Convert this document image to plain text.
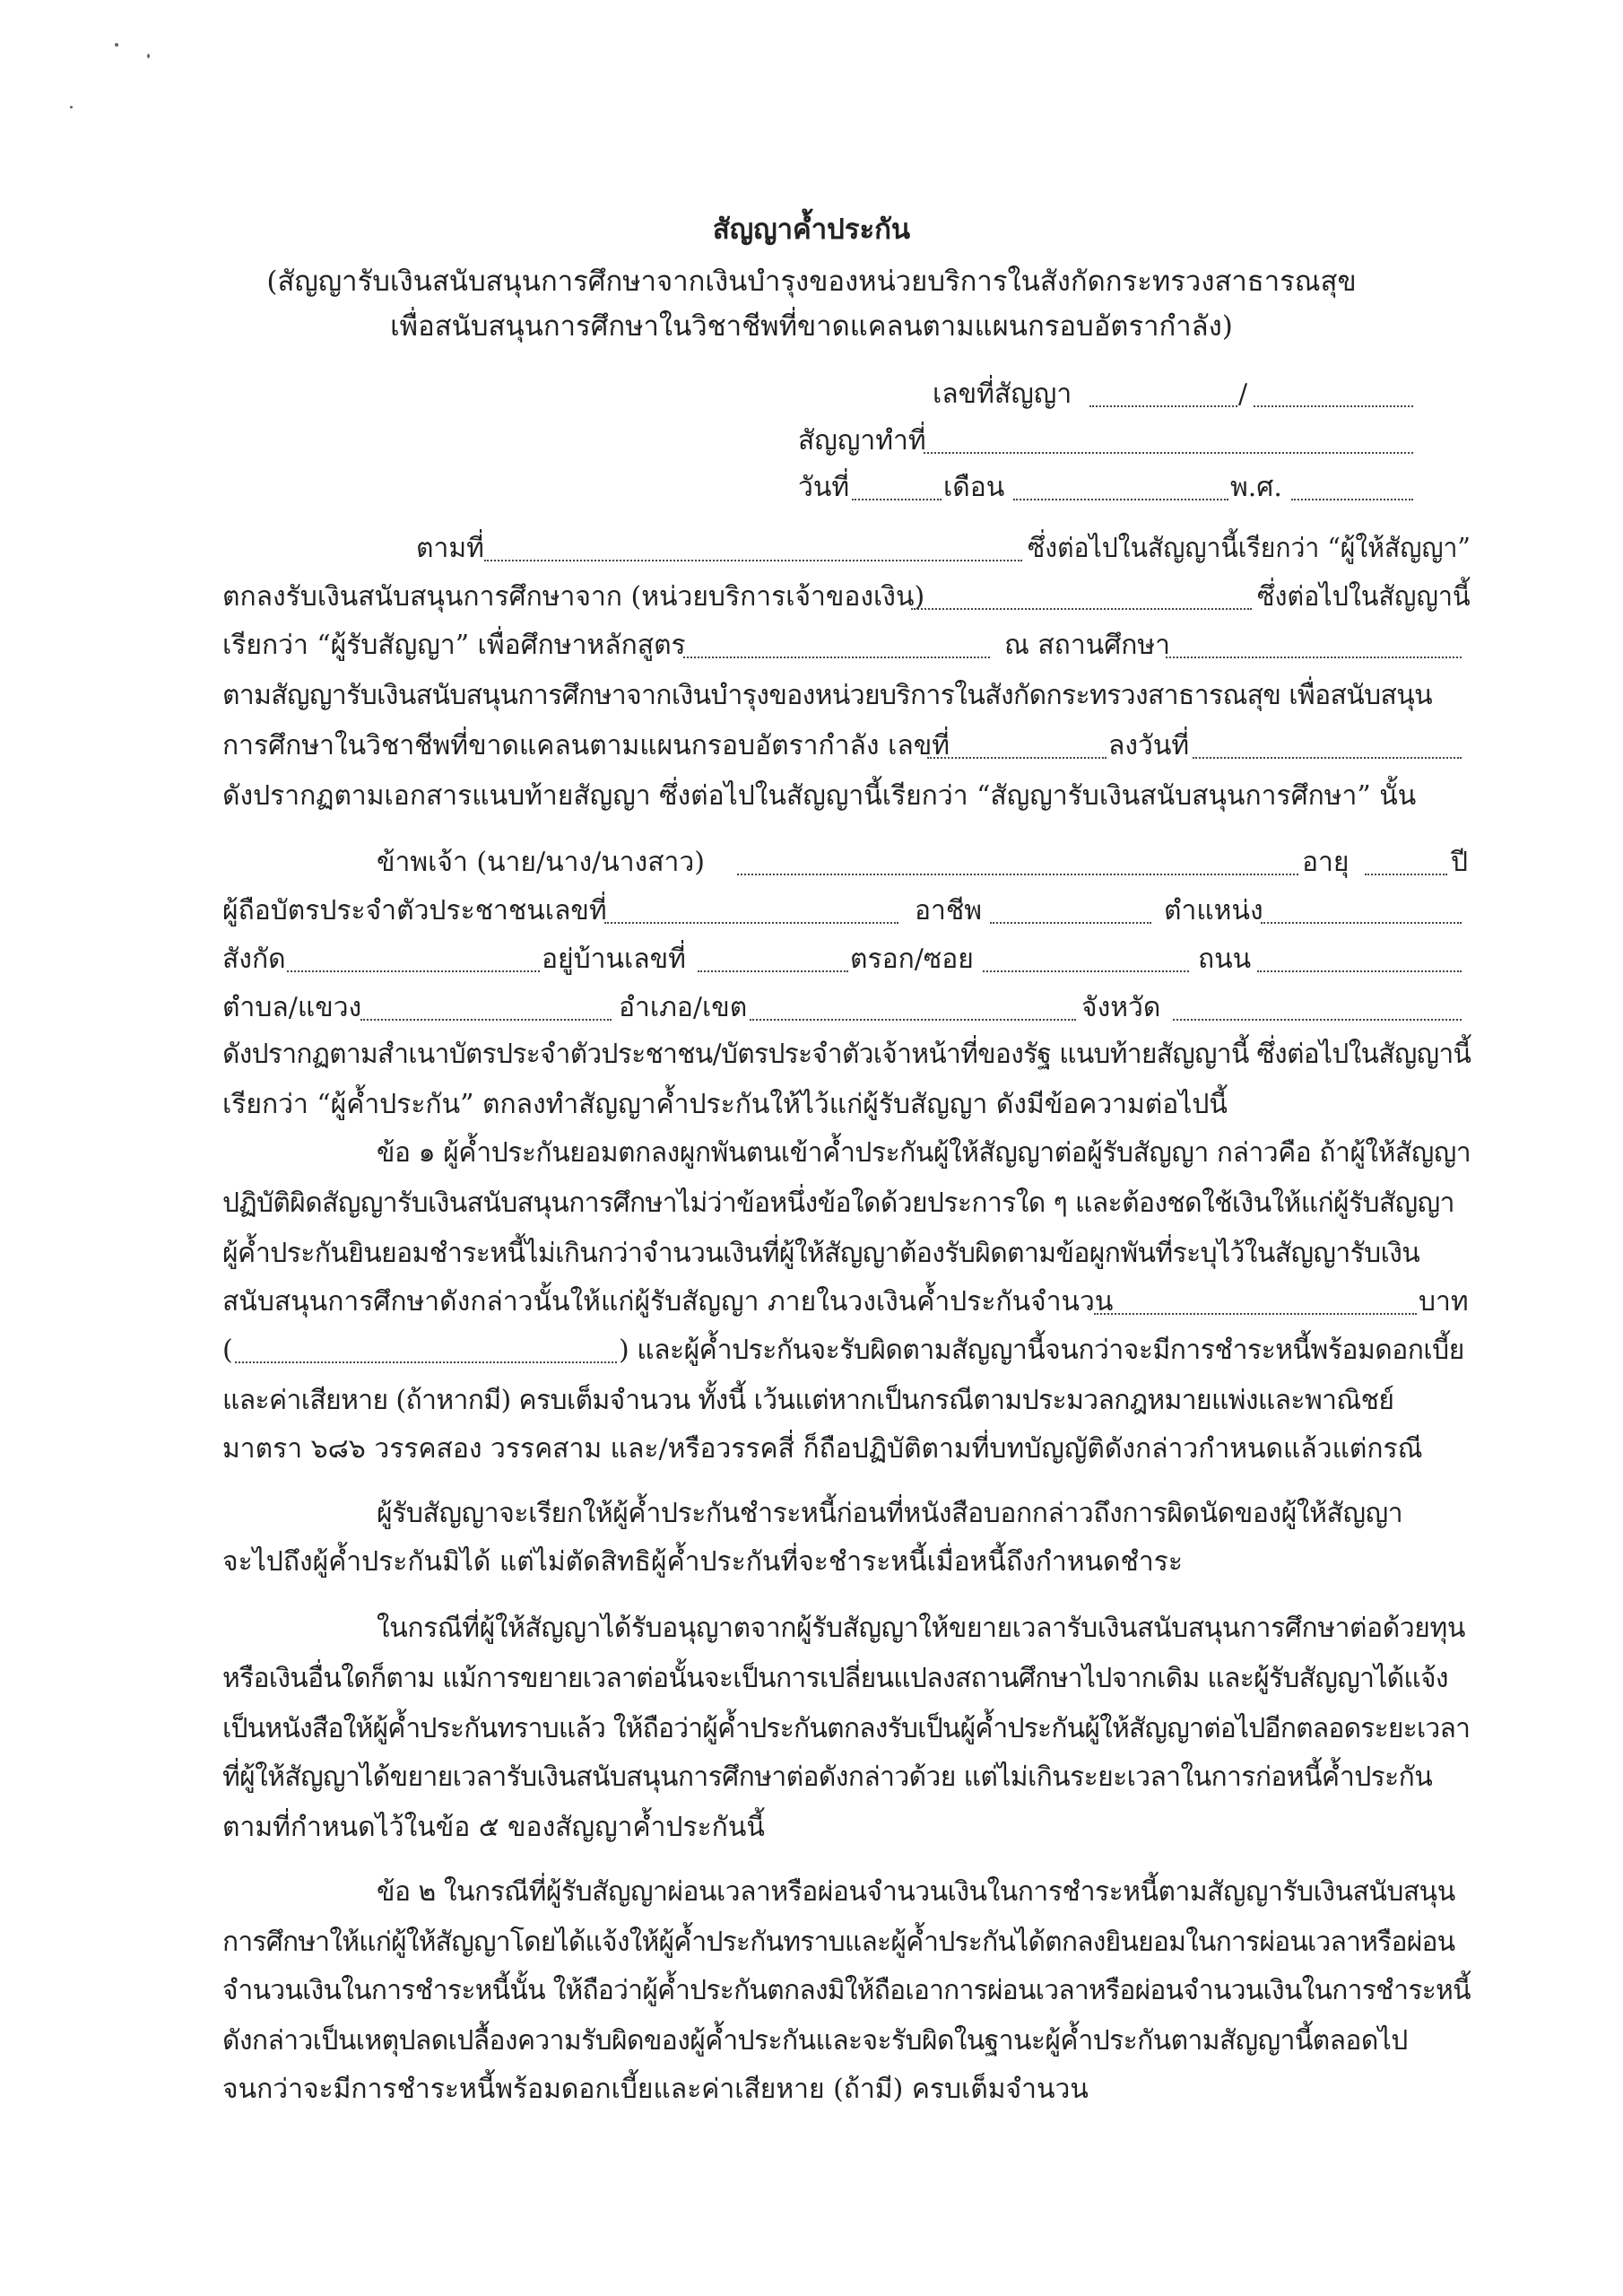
สัญญาค้ำประกัน
(สัญญารับเงินสนับสนุนการศึกษาจากเงินบำรุงของหน่วยบริการในสังกัดกระทรวงสาธารณสุข
เพื่อสนับสนุนการศึกษาในวิชาชีพที่ขาดแคลนตามแผนกรอบอัตรากำลัง)
เลขที่สัญญา	/
สัญญาทำที่
วันที่	เดือน	พ.ศ.
ตามที่	ซึ่งต่อไปในสัญญานี้เรียกว่า “ผู้ให้สัญญา”
ตกลงรับเงินสนับสนุนการศึกษาจาก (หน่วยบริการเจ้าของเงิน)	ซึ่งต่อไปในสัญญานี้
เรียกว่า “ผู้รับสัญญา” เพื่อศึกษาหลักสูตร	ณ สถานศึกษา
ตามสัญญารับเงินสนับสนุนการศึกษาจากเงินบำรุงของหน่วยบริการในสังกัดกระทรวงสาธารณสุข เพื่อสนับสนุน
การศึกษาในวิชาชีพที่ขาดแคลนตามแผนกรอบอัตรากำลัง เลขที่	ลงวันที่
ดังปรากฏตามเอกสารแนบท้ายสัญญา ซึ่งต่อไปในสัญญานี้เรียกว่า “สัญญารับเงินสนับสนุนการศึกษา” นั้น
ข้าพเจ้า (นาย/นาง/นางสาว)	อายุ	ปี
ผู้ถือบัตรประจำตัวประชาชนเลขที่	อาชีพ	ตำแหน่ง
สังกัด	อยู่บ้านเลขที่	ตรอก/ซอย	ถนน
ตำบล/แขวง	อำเภอ/เขต	จังหวัด
ดังปรากฏตามสำเนาบัตรประจำตัวประชาชน/บัตรประจำตัวเจ้าหน้าที่ของรัฐ แนบท้ายสัญญานี้ ซึ่งต่อไปในสัญญานี้
เรียกว่า “ผู้ค้ำประกัน” ตกลงทำสัญญาค้ำประกันให้ไว้แก่ผู้รับสัญญา ดังมีข้อความต่อไปนี้
ข้อ ๑ ผู้ค้ำประกันยอมตกลงผูกพันตนเข้าค้ำประกันผู้ให้สัญญาต่อผู้รับสัญญา กล่าวคือ ถ้าผู้ให้สัญญา
ปฏิบัติผิดสัญญารับเงินสนับสนุนการศึกษาไม่ว่าข้อหนึ่งข้อใดด้วยประการใด ๆ และต้องชดใช้เงินให้แก่ผู้รับสัญญา
ผู้ค้ำประกันยินยอมชำระหนี้ไม่เกินกว่าจำนวนเงินที่ผู้ให้สัญญาต้องรับผิดตามข้อผูกพันที่ระบุไว้ในสัญญารับเงิน
สนับสนุนการศึกษาดังกล่าวนั้นให้แก่ผู้รับสัญญา ภายในวงเงินค้ำประกันจำนวน	บาท
(	) และผู้ค้ำประกันจะรับผิดตามสัญญานี้จนกว่าจะมีการชำระหนี้พร้อมดอกเบี้ย
และค่าเสียหาย (ถ้าหากมี) ครบเต็มจำนวน ทั้งนี้ เว้นแต่หากเป็นกรณีตามประมวลกฎหมายแพ่งและพาณิชย์
มาตรา ๖๘๖ วรรคสอง วรรคสาม และ/หรือวรรคสี่ ก็ถือปฏิบัติตามที่บทบัญญัติดังกล่าวกำหนดแล้วแต่กรณี
ผู้รับสัญญาจะเรียกให้ผู้ค้ำประกันชำระหนี้ก่อนที่หนังสือบอกกล่าวถึงการผิดนัดของผู้ให้สัญญา
จะไปถึงผู้ค้ำประกันมิได้ แต่ไม่ตัดสิทธิผู้ค้ำประกันที่จะชำระหนี้เมื่อหนี้ถึงกำหนดชำระ
ในกรณีที่ผู้ให้สัญญาได้รับอนุญาตจากผู้รับสัญญาให้ขยายเวลารับเงินสนับสนุนการศึกษาต่อด้วยทุน
หรือเงินอื่นใดก็ตาม แม้การขยายเวลาต่อนั้นจะเป็นการเปลี่ยนแปลงสถานศึกษาไปจากเดิม และผู้รับสัญญาได้แจ้ง
เป็นหนังสือให้ผู้ค้ำประกันทราบแล้ว ให้ถือว่าผู้ค้ำประกันตกลงรับเป็นผู้ค้ำประกันผู้ให้สัญญาต่อไปอีกตลอดระยะเวลา
ที่ผู้ให้สัญญาได้ขยายเวลารับเงินสนับสนุนการศึกษาต่อดังกล่าวด้วย แต่ไม่เกินระยะเวลาในการก่อหนี้ค้ำประกัน
ตามที่กำหนดไว้ในข้อ ๕ ของสัญญาค้ำประกันนี้
ข้อ ๒ ในกรณีที่ผู้รับสัญญาผ่อนเวลาหรือผ่อนจำนวนเงินในการชำระหนี้ตามสัญญารับเงินสนับสนุน
การศึกษาให้แก่ผู้ให้สัญญาโดยได้แจ้งให้ผู้ค้ำประกันทราบและผู้ค้ำประกันได้ตกลงยินยอมในการผ่อนเวลาหรือผ่อน
จำนวนเงินในการชำระหนี้นั้น ให้ถือว่าผู้ค้ำประกันตกลงมิให้ถือเอาการผ่อนเวลาหรือผ่อนจำนวนเงินในการชำระหนี้
ดังกล่าวเป็นเหตุปลดเปลื้องความรับผิดของผู้ค้ำประกันและจะรับผิดในฐานะผู้ค้ำประกันตามสัญญานี้ตลอดไป
จนกว่าจะมีการชำระหนี้พร้อมดอกเบี้ยและค่าเสียหาย (ถ้ามี) ครบเต็มจำนวน
